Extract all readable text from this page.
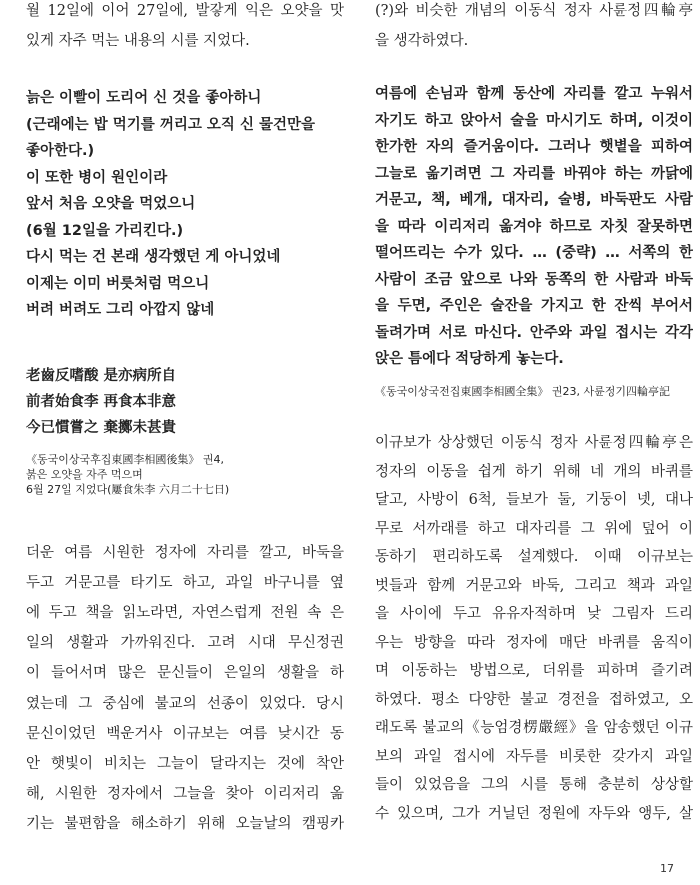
월 12일에 이어 27일에, 발갛게 익은 오얏을 맛
있게 자주 먹는 내용의 시를 지었다.
늙은 이빨이 도리어 신 것을 좋아하니
(근래에는 밥 먹기를 꺼리고 오직 신 물건만을
좋아한다.)
이 또한 병이 원인이라
앞서 처음 오얏을 먹었으니
(6월 12일을 가리킨다.)
다시 먹는 건 본래 생각했던 게 아니었네
이제는 이미 버릇처럼 먹으니
버려 버려도 그리 아깝지 않네
老齒反嗜酸 是亦病所自
前者始食李 再食本非意
今已慣嘗之 棄擲未甚貴
《동국이상국후집東國李相國後集》 권4,
붉은 오얏을 자주 먹으며
6월 27일 지었다(屢食朱李 六月二十七日)
더운 여름 시원한 정자에 자리를 깔고, 바둑을
두고 거문고를 타기도 하고, 과일 바구니를 옆
에 두고 책을 읽노라면, 자연스럽게 전원 속 은
일의 생활과 가까워진다. 고려 시대 무신정권
이 들어서며 많은 문신들이 은일의 생활을 하
였는데 그 중심에 불교의 선종이 있었다. 당시
문신이었던 백운거사 이규보는 여름 낮시간 동
안 햇빛이 비치는 그늘이 달라지는 것에 착안
해, 시원한 정자에서 그늘을 찾아 이리저리 옮
기는 불편함을 해소하기 위해 오늘날의 캠핑카
(?)와 비슷한 개념의 이동식 정자 사륜정四輪亭
을 생각하였다.
여름에 손님과 함께 동산에 자리를 깔고 누워서
자기도 하고 앉아서 술을 마시기도 하며, 이것이
한가한 자의 즐거움이다. 그러나 햇볕을 피하여
그늘로 옮기려면 그 자리를 바꿔야 하는 까닭에
거문고, 책, 베개, 대자리, 술병, 바둑판도 사람
을 따라 이리저리 옮겨야 하므로 자칫 잘못하면
떨어뜨리는 수가 있다. … (중략) … 서쪽의 한
사람이 조금 앞으로 나와 동쪽의 한 사람과 바둑
을 두면, 주인은 술잔을 가지고 한 잔씩 부어서
돌려가며 서로 마신다. 안주와 과일 접시는 각각
앉은 틈에다 적당하게 놓는다.
《동국이상국전집東國李相國全集》 권23, 사륜정기四輪亭記
이규보가 상상했던 이동식 정자 사륜정四輪亭은
정자의 이동을 쉽게 하기 위해 네 개의 바퀴를
달고, 사방이 6척, 들보가 둘, 기둥이 넷, 대나
무로 서까래를 하고 대자리를 그 위에 덮어 이
동하기 편리하도록 설계했다. 이때 이규보는
벗들과 함께 거문고와 바둑, 그리고 책과 과일
을 사이에 두고 유유자적하며 낮 그림자 드리
우는 방향을 따라 정자에 매단 바퀴를 움직이
며 이동하는 방법으로, 더위를 피하며 즐기려
하였다. 평소 다양한 불교 경전을 접하였고, 오
래도록 불교의《능엄경楞嚴經》을 암송했던 이규
보의 과일 접시에 자두를 비롯한 갖가지 과일
들이 있었음을 그의 시를 통해 충분히 상상할
수 있으며, 그가 거닐던 정원에 자두와 앵두, 살
17
